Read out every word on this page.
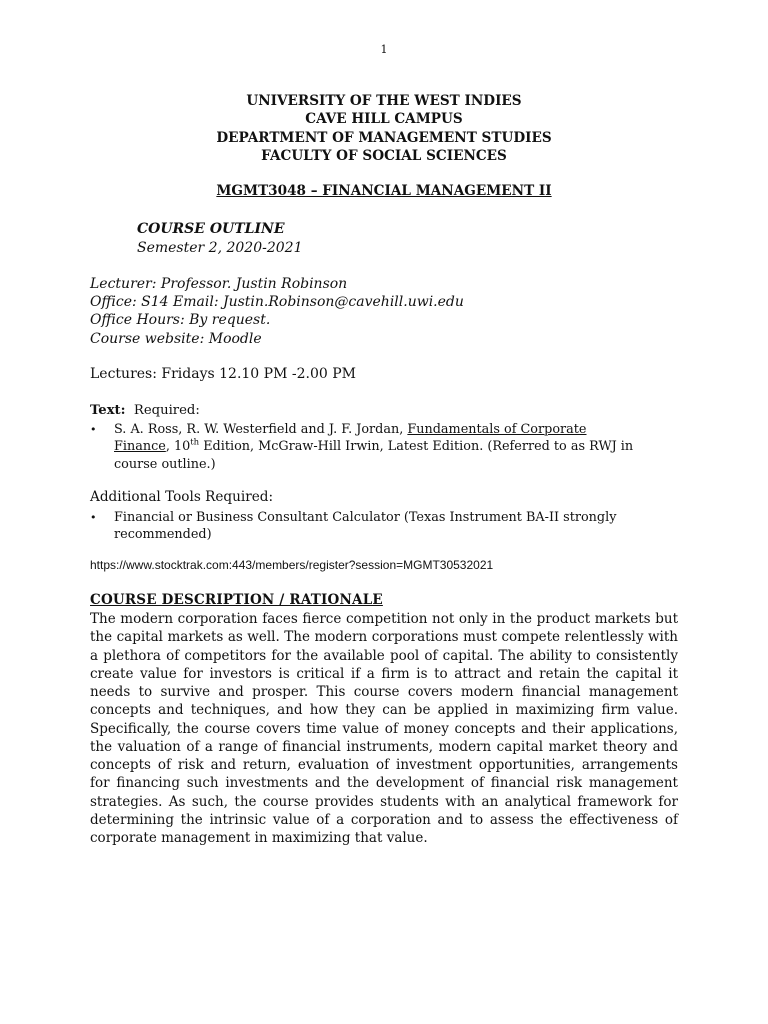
1
UNIVERSITY OF THE WEST INDIES
CAVE HILL CAMPUS
DEPARTMENT OF MANAGEMENT STUDIES
FACULTY OF SOCIAL SCIENCES
MGMT3048 – FINANCIAL MANAGEMENT II
COURSE OUTLINE
Semester 2, 2020-2021
Lecturer: Professor. Justin Robinson
Office: S14 Email: Justin.Robinson@cavehill.uwi.edu
Office Hours: By request.
Course website: Moodle
Lectures: Fridays 12.10 PM -2.00 PM
Text: Required:
• S. A. Ross, R. W. Westerfield and J. F. Jordan, Fundamentals of Corporate
Finance, 10th Edition, McGraw-Hill Irwin, Latest Edition. (Referred to as RWJ in
course outline.)
Additional Tools Required:
• Financial or Business Consultant Calculator (Texas Instrument BA-II strongly
recommended)
https://www.stocktrak.com:443/members/register?session=MGMT30532021
COURSE DESCRIPTION / RATIONALE
The modern corporation faces fierce competition not only in the product markets but the capital markets as well. The modern corporations must compete relentlessly with a plethora of competitors for the available pool of capital. The ability to consistently create value for investors is critical if a firm is to attract and retain the capital it needs to survive and prosper. This course covers modern financial management concepts and techniques, and how they can be applied in maximizing firm value. Specifically, the course covers time value of money concepts and their applications, the valuation of a range of financial instruments, modern capital market theory and concepts of risk and return, evaluation of investment opportunities, arrangements for financing such investments and the development of financial risk management strategies. As such, the course provides students with an analytical framework for determining the intrinsic value of a corporation and to assess the effectiveness of corporate management in maximizing that value.
